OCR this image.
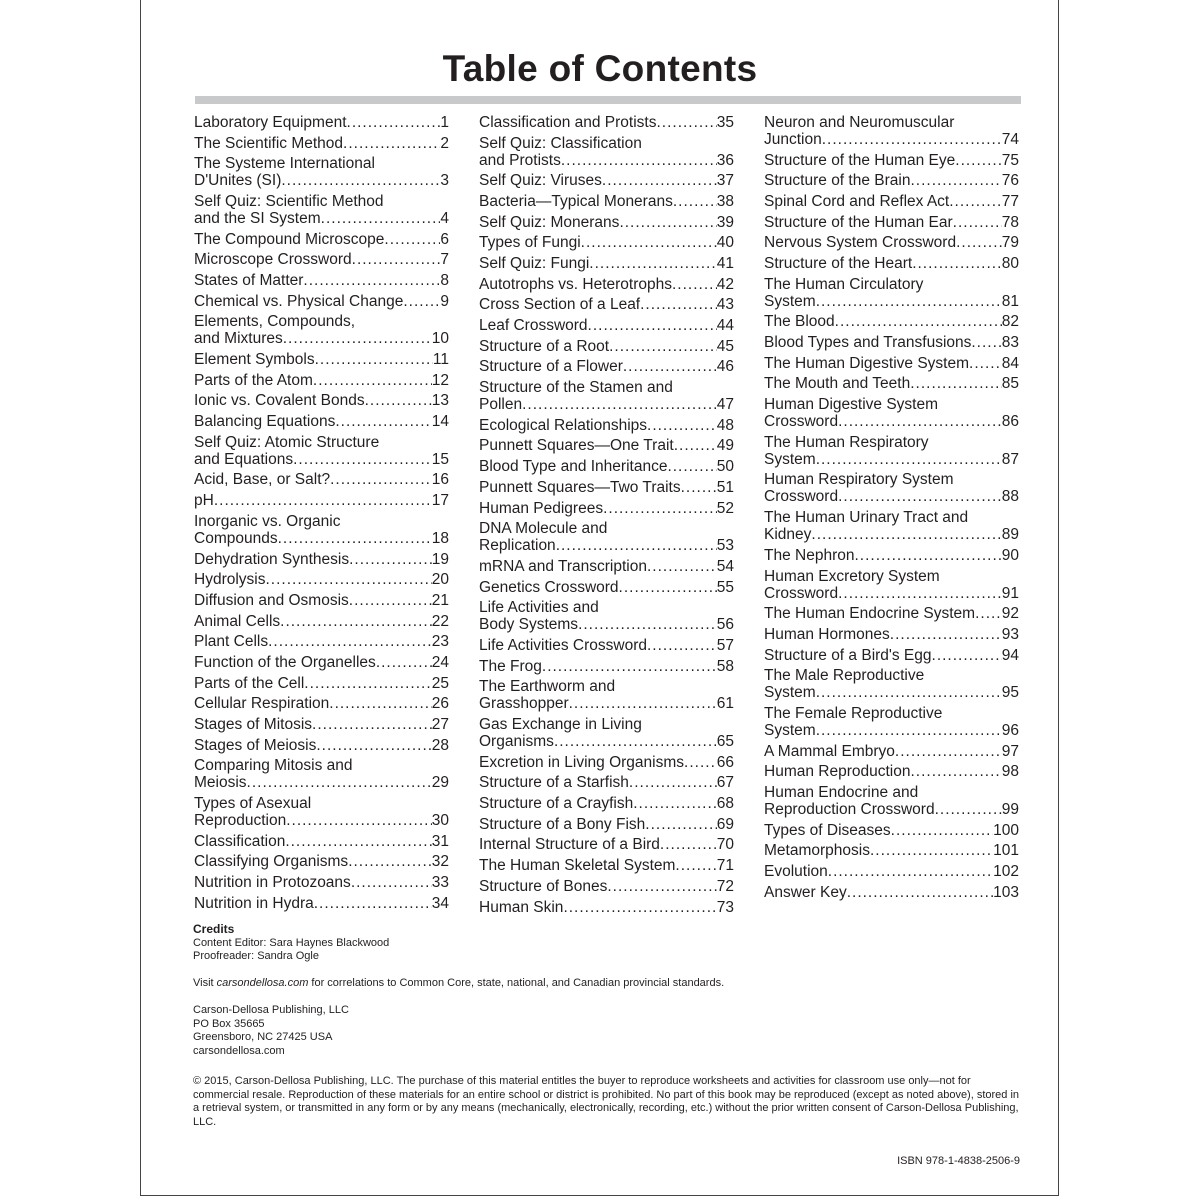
Table of Contents
Laboratory Equipment .....	1
The Scientific Method .....	2
The Systeme International
D'Unites (SI) .....	3
Self Quiz: Scientific Method
and the SI System .....	4
The Compound Microscope .....	6
Microscope Crossword .....	7
States of Matter .....	8
Chemical vs. Physical Change ..... 9
Elements, Compounds,
and Mixtures .....	10
Element Symbols .....	11
Parts of the Atom .....	12
Ionic vs. Covalent Bonds .....	13
Balancing Equations .....	14
Self Quiz: Atomic Structure
and Equations .....	15
Acid, Base, or Salt? .....	16
pH .....	17
Inorganic vs. Organic
Compounds .....	18
Dehydration Synthesis .....	19
Hydrolysis .....	20
Diffusion and Osmosis .....	21
Animal Cells .....	22
Plant Cells .....	23
Function of the Organelles .....	24
Parts of the Cell .....	25
Cellular Respiration .....	26
Stages of Mitosis .....	27
Stages of Meiosis .....	28
Comparing Mitosis and
Meiosis .....	29
Types of Asexual
Reproduction .....	30
Classification .....	31
Classifying Organisms .....	32
Nutrition in Protozoans .....	33
Nutrition in Hydra .....	34
Classification and Protists .....	35
Self Quiz: Classification
and Protists .....	36
Self Quiz: Viruses .....	37
Bacteria—Typical Monerans .....	38
Self Quiz: Monerans .....	39
Types of Fungi .....	40
Self Quiz: Fungi .....	41
Autotrophs vs. Heterotrophs .....	42
Cross Section of a Leaf .....	43
Leaf Crossword .....	44
Structure of a Root .....	45
Structure of a Flower .....	46
Structure of the Stamen and
Pollen .....	47
Ecological Relationships .....	48
Punnett Squares—One Trait .....	49
Blood Type and Inheritance .....	50
Punnett Squares—Two Traits ..... 51
Human Pedigrees .....	52
DNA Molecule and
Replication .....	53
mRNA and Transcription .....	54
Genetics Crossword .....	55
Life Activities and
Body Systems .....	56
Life Activities Crossword .....	57
The Frog .....	58
The Earthworm and
Grasshopper .....	61
Gas Exchange in Living
Organisms .....	65
Excretion in Living Organisms ..... 66
Structure of a Starfish .....	67
Structure of a Crayfish .....	68
Structure of a Bony Fish .....	69
Internal Structure of a Bird .....	70
The Human Skeletal System .....	71
Structure of Bones .....	72
Human Skin .....	73
Neuron and Neuromuscular
Junction .....	74
Structure of the Human Eye .....	75
Structure of the Brain .....	76
Spinal Cord and Reflex Act .....	77
Structure of the Human Ear .....	78
Nervous System Crossword .....	79
Structure of the Heart .....	80
The Human Circulatory
System .....	81
The Blood .....	82
Blood Types and Transfusions ..... 83
The Human Digestive System ..... 84
The Mouth and Teeth .....	85
Human Digestive System
Crossword .....	86
The Human Respiratory
System .....	87
Human Respiratory System
Crossword .....	88
The Human Urinary Tract and
Kidney .....	89
The Nephron .....	90
Human Excretory System
Crossword .....	91
The Human Endocrine System ..... 92
Human Hormones .....	93
Structure of a Bird's Egg .....	94
The Male Reproductive
System .....	95
The Female Reproductive
System .....	96
A Mammal Embryo .....	97
Human Reproduction .....	98
Human Endocrine and
Reproduction Crossword .....	99
Types of Diseases .....	100
Metamorphosis .....	101
Evolution .....	102
Answer Key .....	103
Credits
Content Editor: Sara Haynes Blackwood
Proofreader: Sandra Ogle
Visit carsondellosa.com for correlations to Common Core, state, national, and Canadian provincial standards.
Carson-Dellosa Publishing, LLC
PO Box 35665
Greensboro, NC 27425 USA
carsondellosa.com
© 2015, Carson-Dellosa Publishing, LLC. The purchase of this material entitles the buyer to reproduce worksheets and activities for classroom use only—not for commercial resale. Reproduction of these materials for an entire school or district is prohibited. No part of this book may be reproduced (except as noted above), stored in a retrieval system, or transmitted in any form or by any means (mechanically, electronically, recording, etc.) without the prior written consent of Carson-Dellosa Publishing, LLC.
ISBN 978-1-4838-2506-9
